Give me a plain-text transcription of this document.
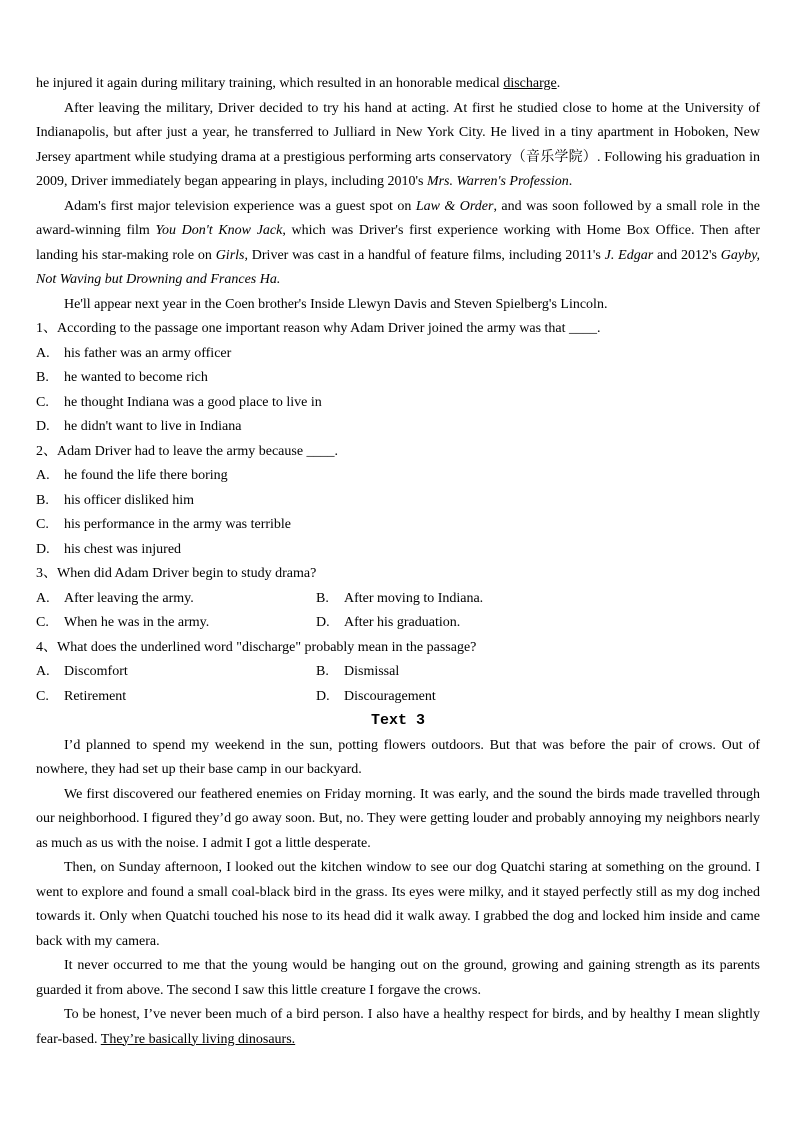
he injured it again during military training, which resulted in an honorable medical discharge.

After leaving the military, Driver decided to try his hand at acting. At first he studied close to home at the University of Indianapolis, but after just a year, he transferred to Julliard in New York City. He lived in a tiny apartment in Hoboken, New Jersey apartment while studying drama at a prestigious performing arts conservatory（音乐学院）. Following his graduation in 2009, Driver immediately began appearing in plays, including 2010's Mrs. Warren's Profession.

Adam's first major television experience was a guest spot on Law & Order, and was soon followed by a small role in the award-winning film You Don't Know Jack, which was Driver's first experience working with Home Box Office. Then after landing his star-making role on Girls, Driver was cast in a handful of feature films, including 2011's J. Edgar and 2012's Gayby, Not Waving but Drowning and Frances Ha.

He'll appear next year in the Coen brother's Inside Llewyn Davis and Steven Spielberg's Lincoln.

1、According to the passage one important reason why Adam Driver joined the army was that ____.

A.	his father was an army officer

B.	he wanted to become rich

C.	he thought Indiana was a good place to live in

D.	he didn't want to live in Indiana

2、Adam Driver had to leave the army because ____.

A.	he found the life there boring

B.	his officer disliked him

C.	his performance in the army was terrible

D.	his chest was injured

3、When did Adam Driver begin to study drama?

A.	After leaving the army.	B.	After moving to Indiana.

C.	When he was in the army.	D.	After his graduation.

4、What does the underlined word "discharge" probably mean in the passage?

A.	Discomfort	B.	Dismissal

C.	Retirement	D.	Discouragement

Text 3

I’d planned to spend my weekend in the sun, potting flowers outdoors. But that was before the pair of crows. Out of nowhere, they had set up their base camp in our backyard.

We first discovered our feathered enemies on Friday morning. It was early, and the sound the birds made travelled through our neighborhood. I figured they’d go away soon. But, no. They were getting louder and probably annoying my neighbors nearly as much as us with the noise. I admit I got a little desperate.

Then, on Sunday afternoon, I looked out the kitchen window to see our dog Quatchi staring at something on the ground. I went to explore and found a small coal-black bird in the grass. Its eyes were milky, and it stayed perfectly still as my dog inched towards it. Only when Quatchi touched his nose to its head did it walk away. I grabbed the dog and locked him inside and came back with my camera.

It never occurred to me that the young would be hanging out on the ground, growing and gaining strength as its parents guarded it from above. The second I saw this little creature I forgave the crows.

To be honest, I’ve never been much of a bird person. I also have a healthy respect for birds, and by healthy I mean slightly fear-based. They’re basically living dinosaurs.
